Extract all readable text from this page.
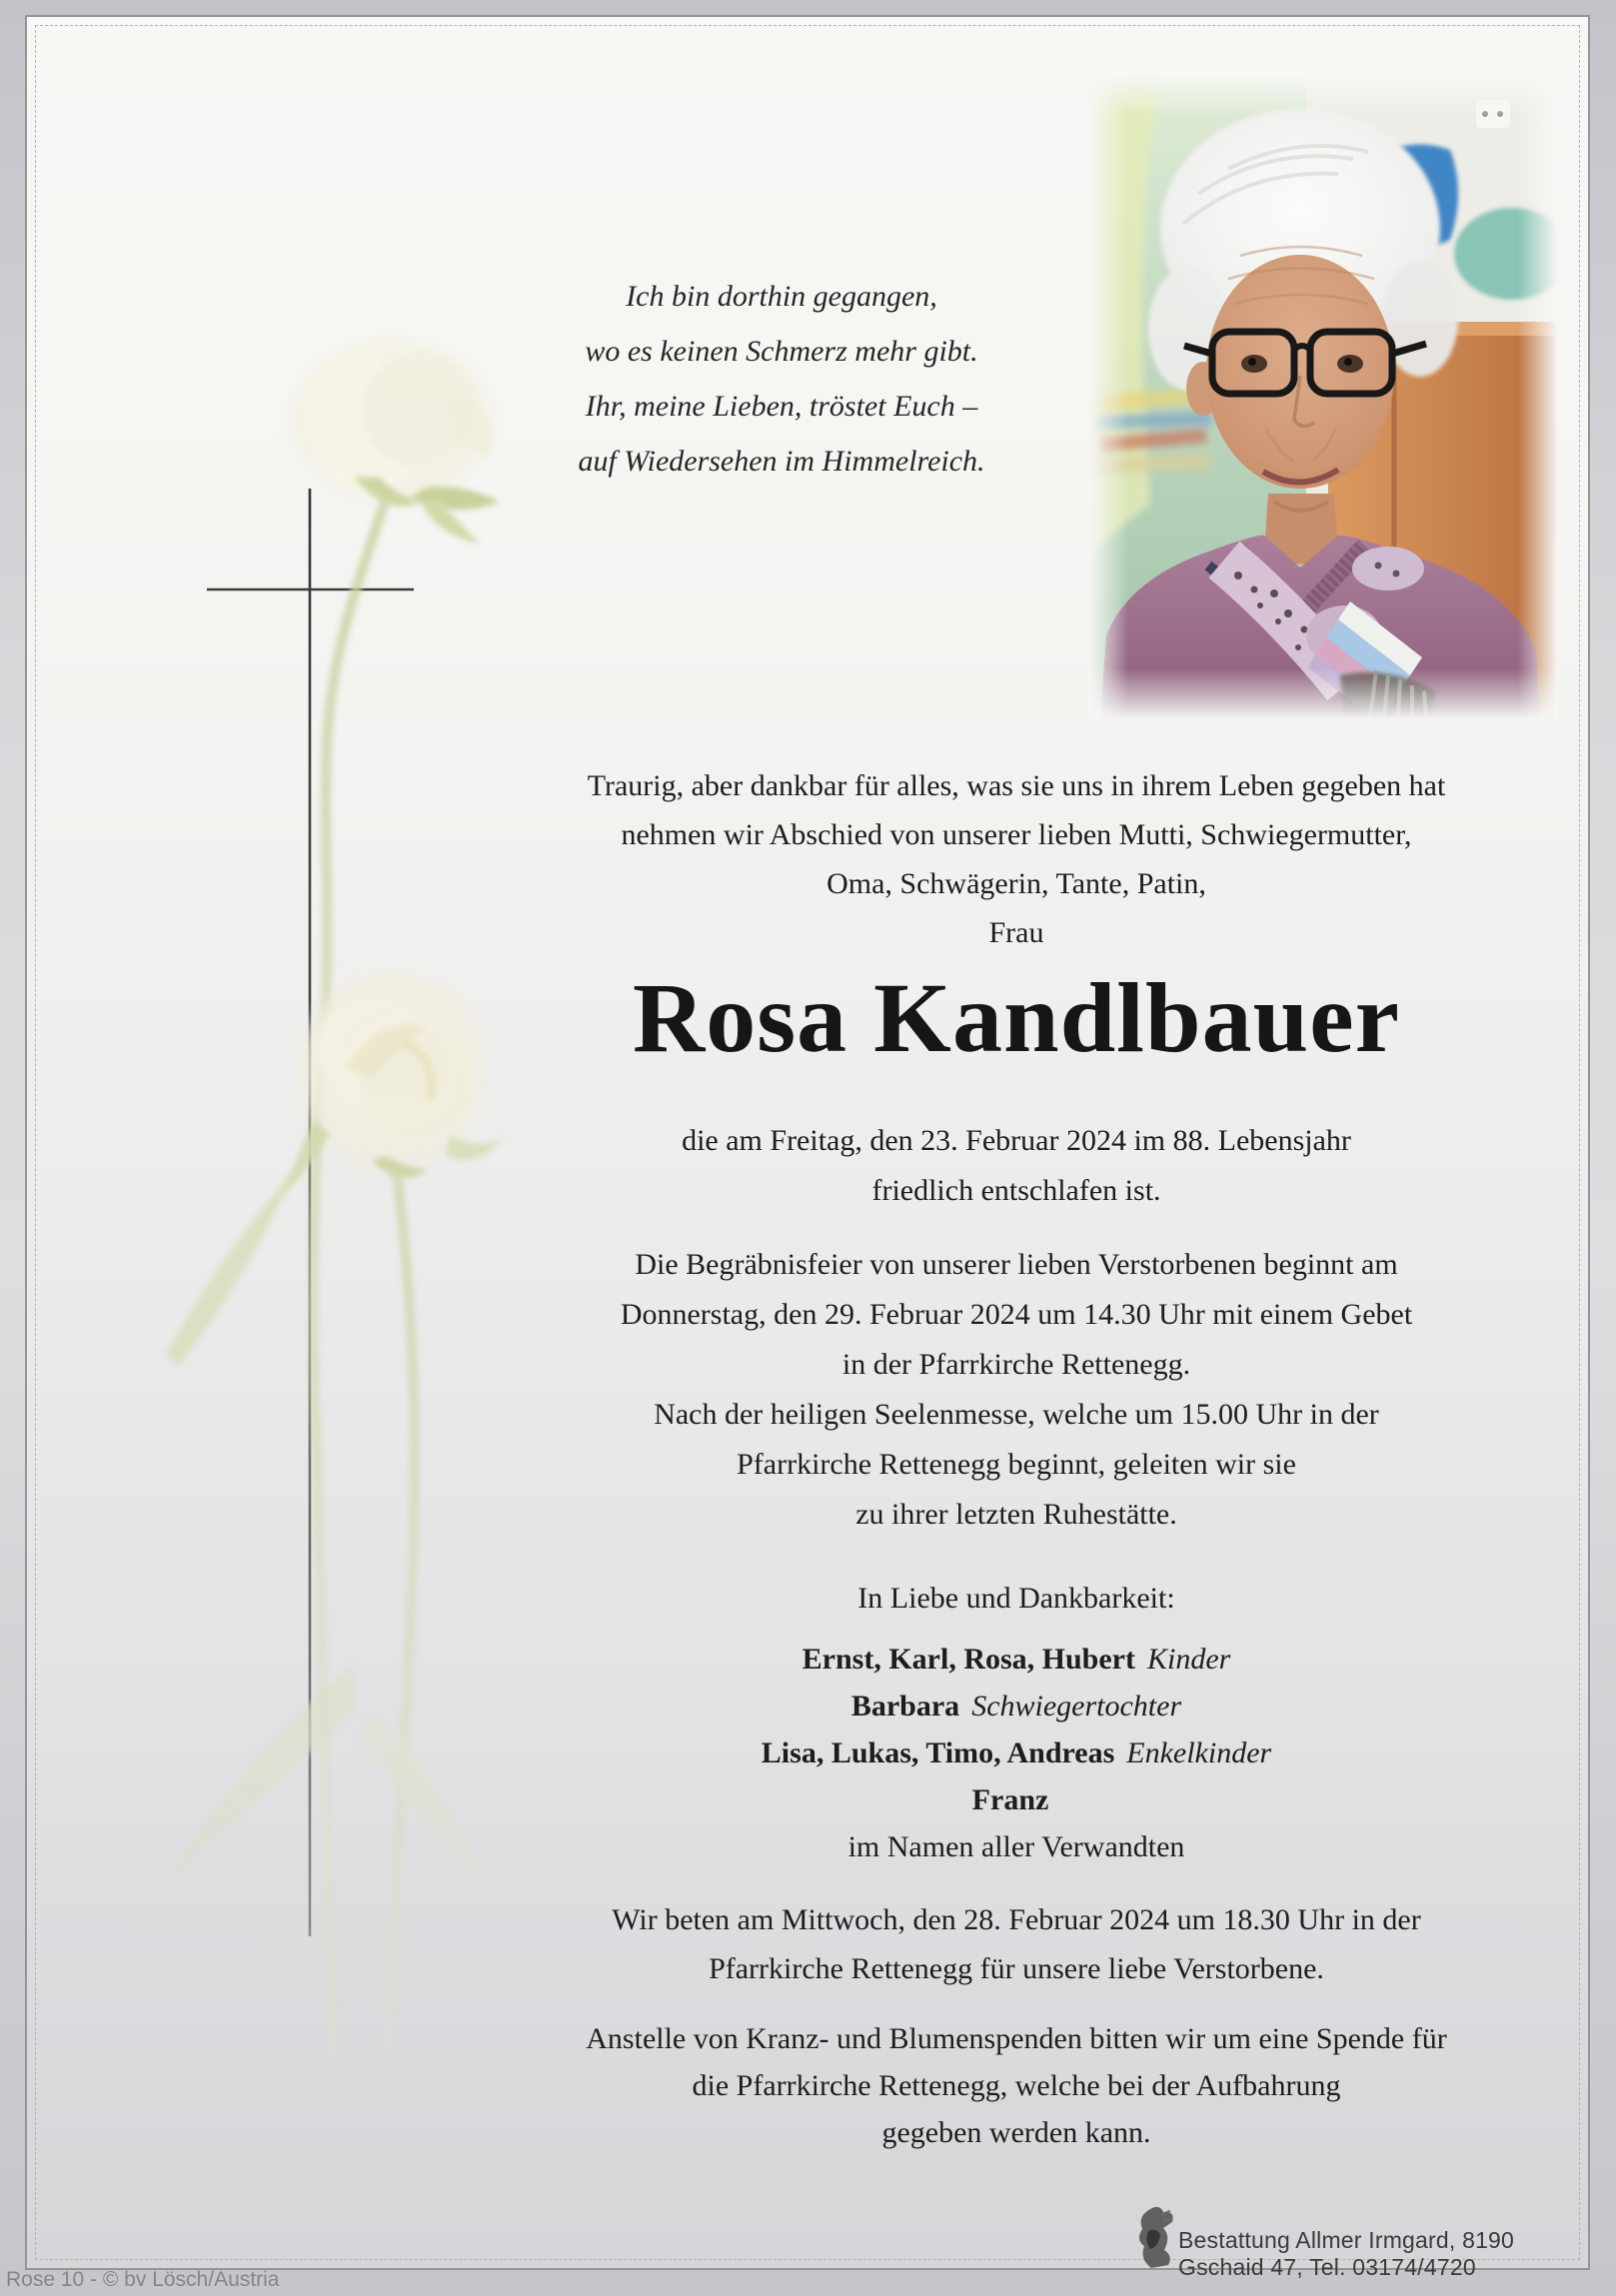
Ich bin dorthin gegangen,
wo es keinen Schmerz mehr gibt.
Ihr, meine Lieben, tröstet Euch –
auf Wiedersehen im Himmelreich.
Traurig, aber dankbar für alles, was sie uns in ihrem Leben gegeben hat
nehmen wir Abschied von unserer lieben Mutti, Schwiegermutter,
Oma, Schwägerin, Tante, Patin,
Frau
Rosa Kandlbauer
die am Freitag, den 23. Februar 2024 im 88. Lebensjahr
friedlich entschlafen ist.
Die Begräbnisfeier von unserer lieben Verstorbenen beginnt am
Donnerstag, den 29. Februar 2024 um 14.30 Uhr mit einem Gebet
in der Pfarrkirche Rettenegg.
Nach der heiligen Seelenmesse, welche um 15.00 Uhr in der
Pfarrkirche Rettenegg beginnt, geleiten wir sie
zu ihrer letzten Ruhestätte.
In Liebe und Dankbarkeit:
Ernst, Karl, Rosa, Hubert Kinder
Barbara Schwiegertochter
Lisa, Lukas, Timo, Andreas Enkelkinder
Franz
im Namen aller Verwandten
Wir beten am Mittwoch, den 28. Februar 2024 um 18.30 Uhr in der
Pfarrkirche Rettenegg für unsere liebe Verstorbene.
Anstelle von Kranz- und Blumenspenden bitten wir um eine Spende für
die Pfarrkirche Rettenegg, welche bei der Aufbahrung
gegeben werden kann.
Bestattung Allmer Irmgard, 8190 Gschaid 47, Tel. 03174/4720
Rose 10 - © bv Lösch/Austria
